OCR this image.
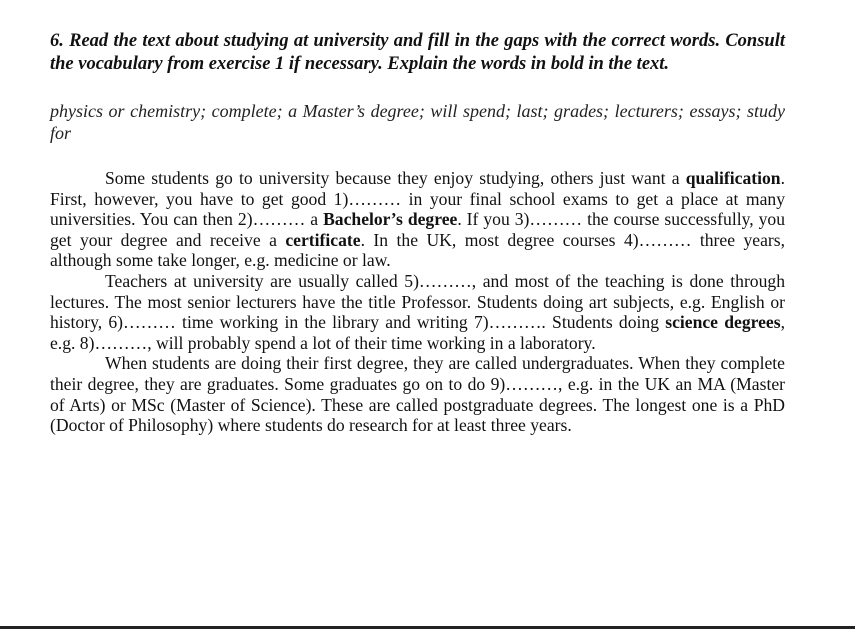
6. Read the text about studying at university and fill in the gaps with the correct words. Consult the vocabulary from exercise 1 if necessary. Explain the words in bold in the text.

physics or chemistry; complete; a Master’s degree; will spend; last; grades; lecturers; essays; study for

Some students go to university because they enjoy studying, others just want a qualification. First, however, you have to get good 1)……… in your final school exams to get a place at many universities. You can then 2)……… a Bachelor’s degree. If you 3)……… the course successfully, you get your degree and receive a certificate. In the UK, most degree courses 4)……… three years, although some take longer, e.g. medicine or law.

Teachers at university are usually called 5)………, and most of the teaching is done through lectures. The most senior lecturers have the title Professor. Students doing art subjects, e.g. English or history, 6)……… time working in the library and writing 7)………. Students doing science degrees, e.g. 8)………, will probably spend a lot of their time working in a laboratory.

When students are doing their first degree, they are called undergraduates. When they complete their degree, they are graduates. Some graduates go on to do 9)………, e.g. in the UK an MA (Master of Arts) or MSc (Master of Science). These are called postgraduate degrees. The longest one is a PhD (Doctor of Philosophy) where students do research for at least three years.
